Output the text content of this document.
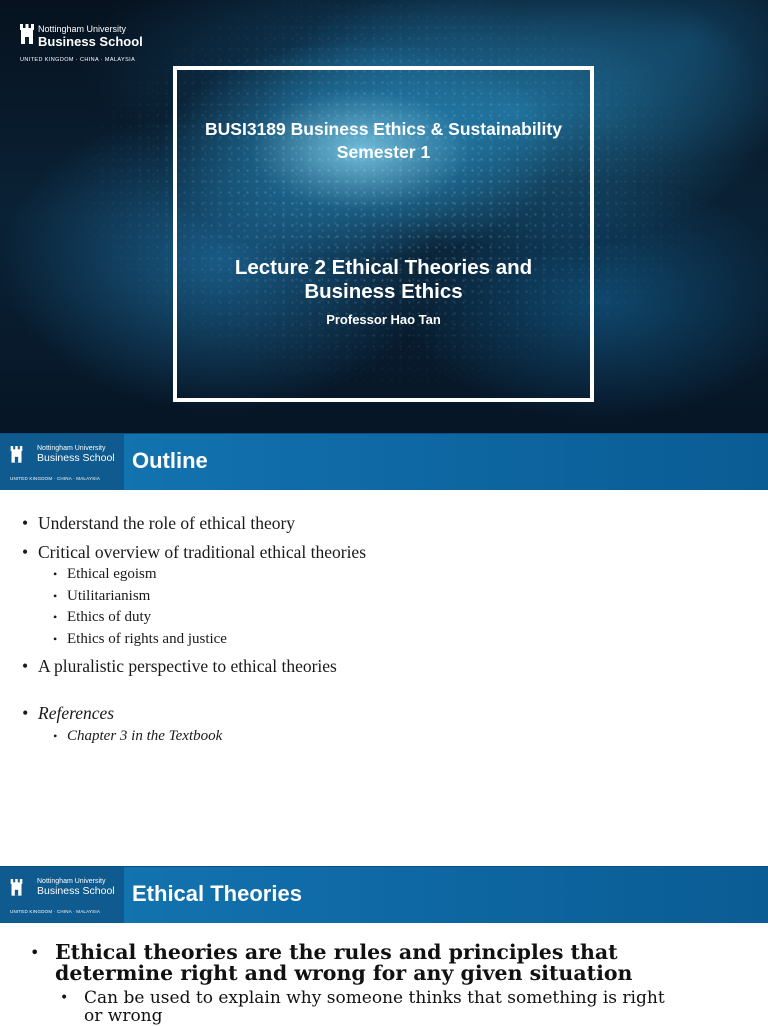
Nottingham University
Business School
UNITED KINGDOM · CHINA · MALAYSIA
BUSI3189 Business Ethics & Sustainability
Semester 1
Lecture 2 Ethical Theories and Business Ethics
Professor Hao Tan
Nottingham University
Business School
UNITED KINGDOM · CHINA · MALAYSIA
Outline
• Understand the role of ethical theory
• Critical overview of traditional ethical theories
• Ethical egoism
• Utilitarianism
• Ethics of duty
• Ethics of rights and justice
• A pluralistic perspective to ethical theories
• References
• Chapter 3 in the Textbook
Nottingham University
Business School
UNITED KINGDOM · CHINA · MALAYSIA
Ethical Theories
• Ethical theories are the rules and principles that determine right and wrong for any given situation
• Can be used to explain why someone thinks that something is right or wrong
